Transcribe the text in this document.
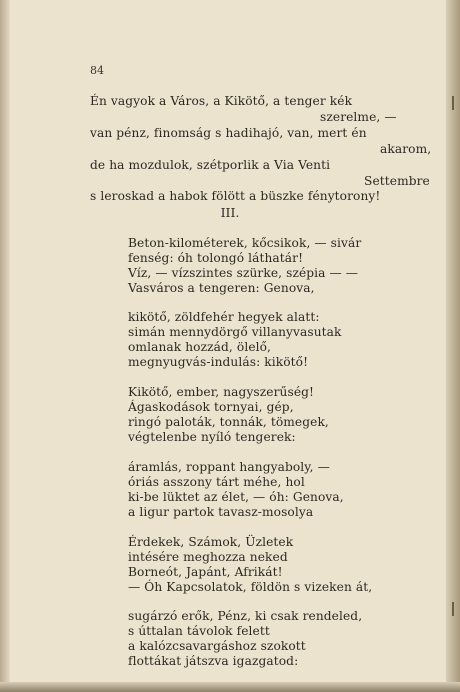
84
Én vagyok a Város, a Kikötő, a tenger kék
szerelme, —
van pénz, finomság s hadihajó, van, mert én
akarom,
de ha mozdulok, szétporlik a Via Venti
Settembre
s leroskad a habok fölött a büszke fénytorony!
III.
Beton-kilométerek, kőcsikok, — sivár
fenség: óh tolongó láthatár!
Víz, — vízszintes szürke, szépia — —
Vasváros a tengeren: Genova,
kikötő, zöldfehér hegyek alatt:
simán mennydörgő villanyvasutak
omlanak hozzád, ölelő,
megnyugvás-indulás: kikötő!
Kikötő, ember, nagyszerűség!
Ágaskodások tornyai, gép,
ringó paloták, tonnák, tömegek,
végtelenbe nyíló tengerek:
áramlás, roppant hangyaboly, —
óriás asszony tárt méhe, hol
ki-be lüktet az élet, — óh: Genova,
a ligur partok tavasz-mosolya
Érdekek, Számok, Üzletek
intésére meghozza neked
Borneót, Japánt, Afrikát!
— Óh Kapcsolatok, földön s vizeken át,
sugárzó erők, Pénz, ki csak rendeled,
s úttalan távolok felett
a kalózcsavargáshoz szokott
flottákat játszva igazgatod:
